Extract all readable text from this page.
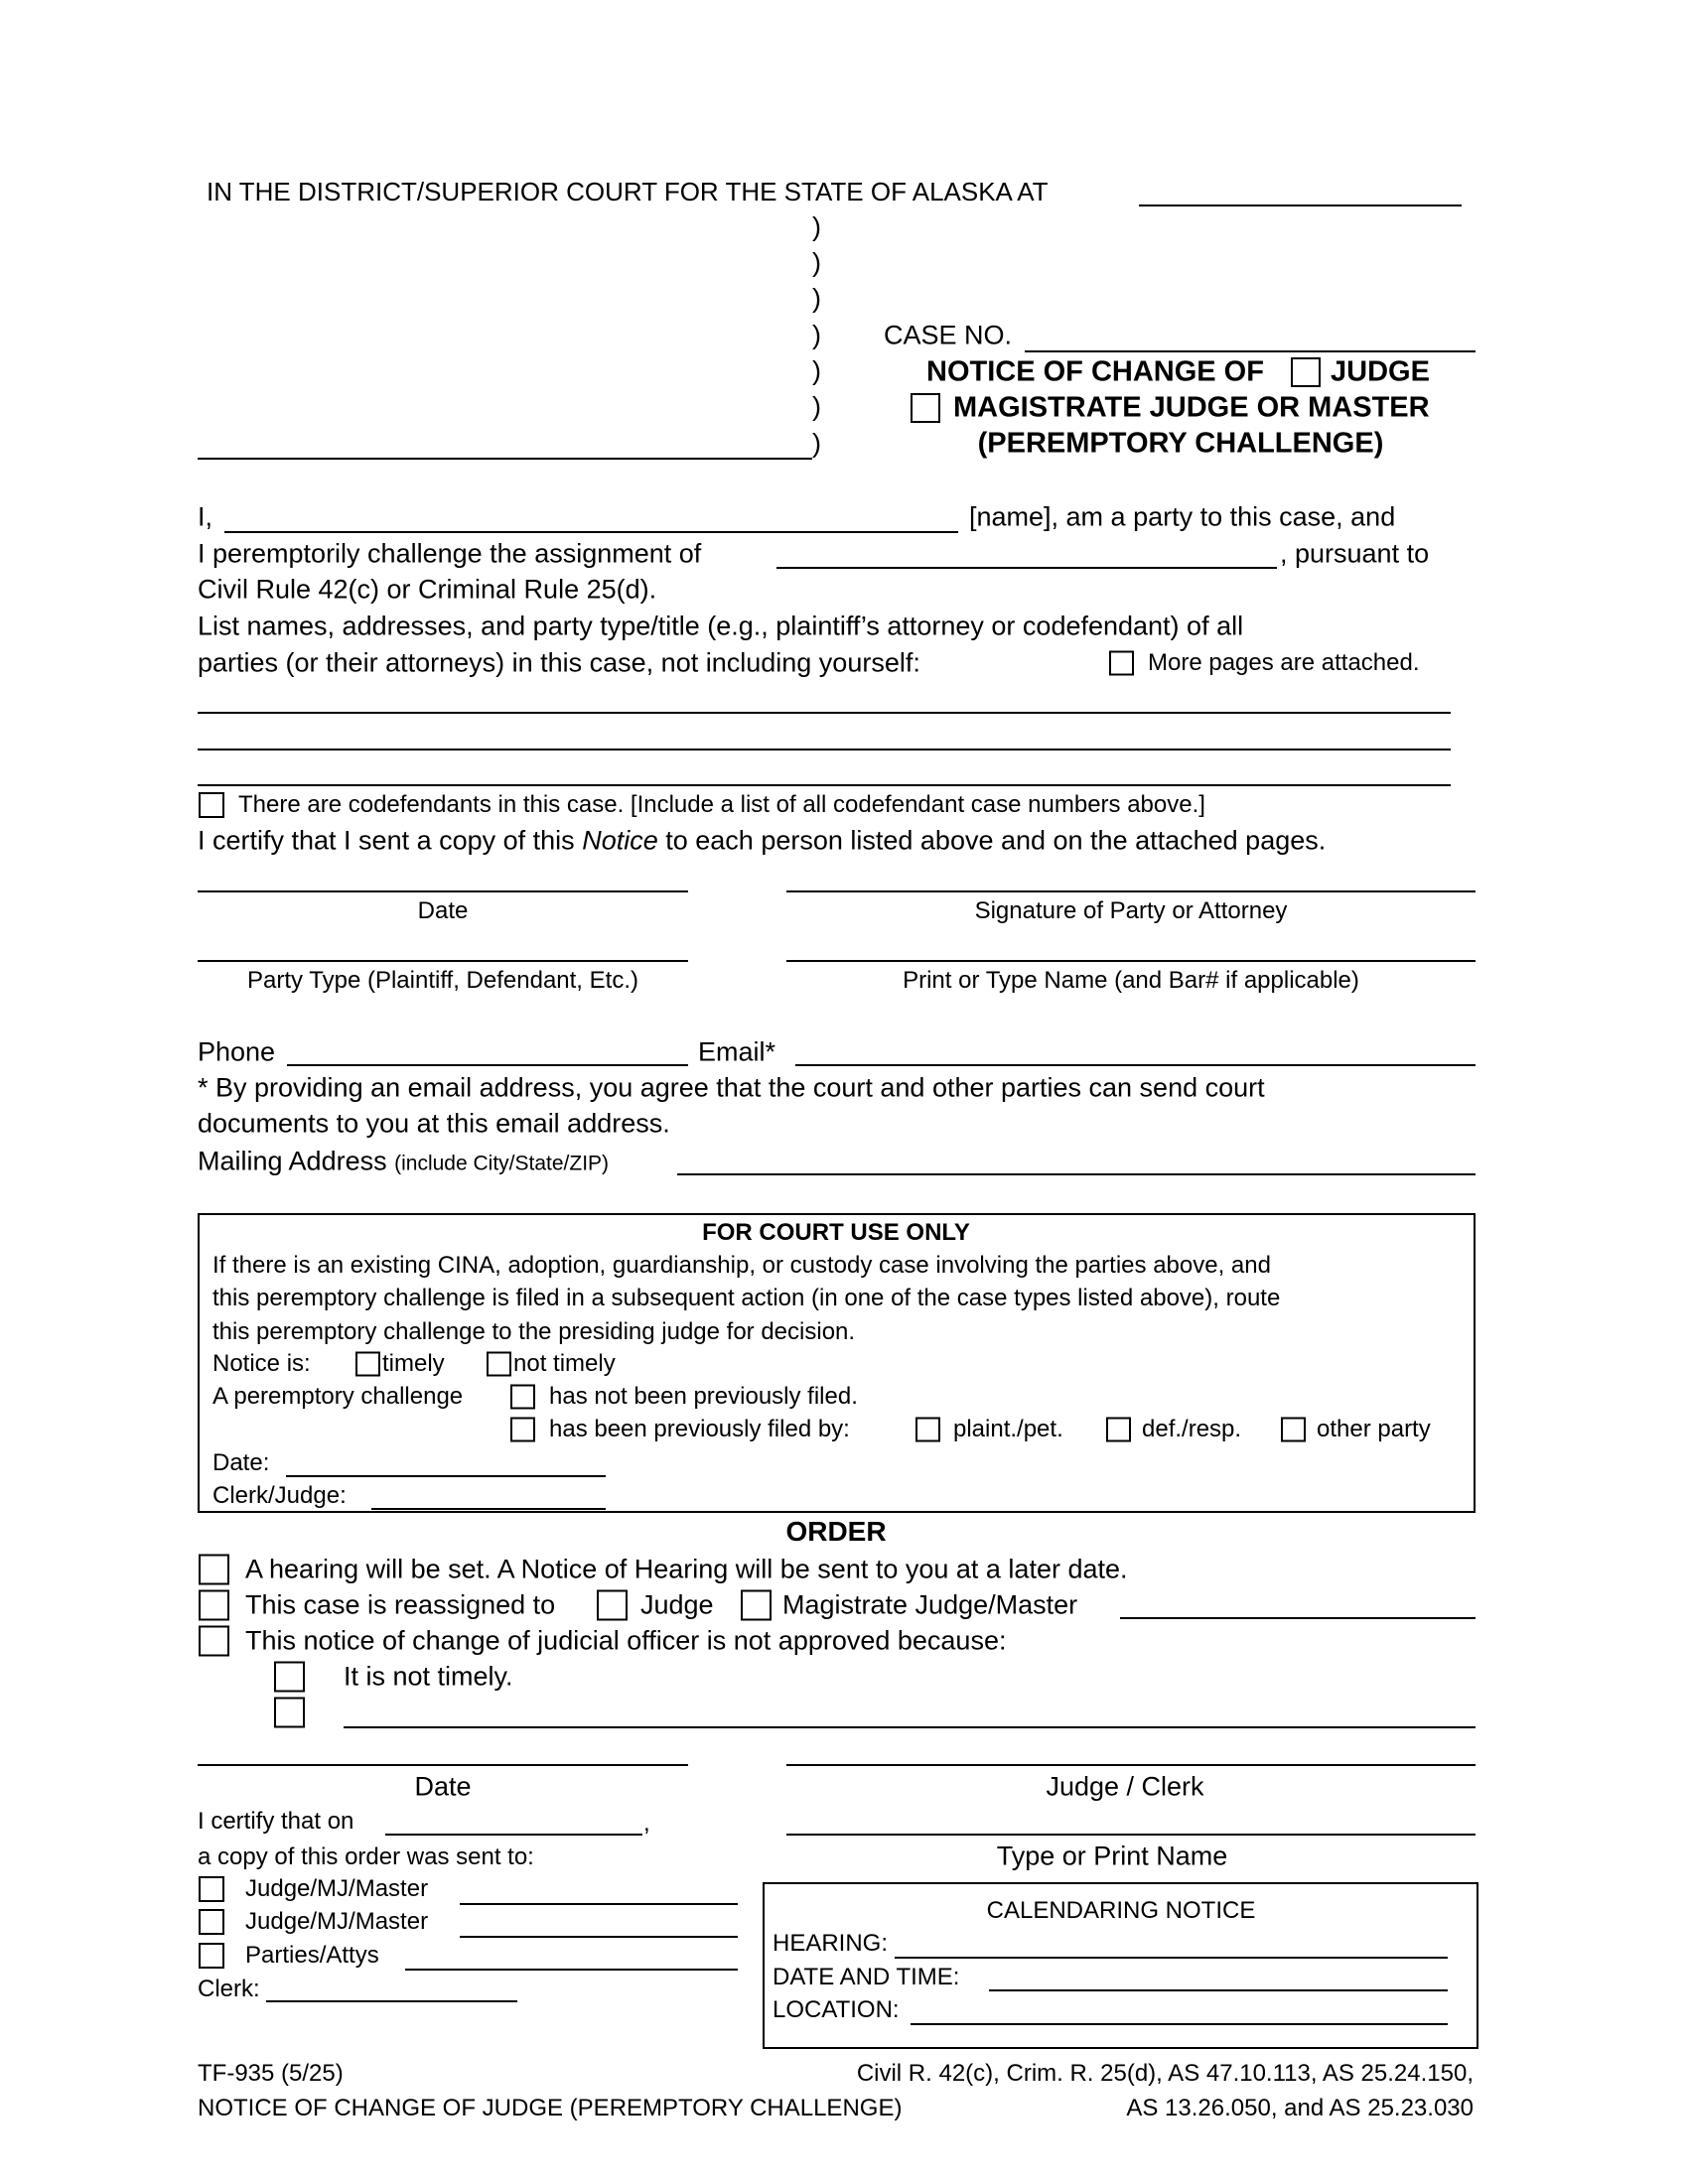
IN THE DISTRICT/SUPERIOR COURT FOR THE STATE OF ALASKA AT
)
)
)
)
)
)
)
CASE NO.
NOTICE OF CHANGE OF JUDGE
MAGISTRATE JUDGE OR MASTER
(PEREMPTORY CHALLENGE)
I,	[name], am a party to this case, and
I peremptorily challenge the assignment of	, pursuant to
Civil Rule 42(c) or Criminal Rule 25(d).
List names, addresses, and party type/title (e.g., plaintiff’s attorney or codefendant) of all
parties (or their attorneys) in this case, not including yourself:	More pages are attached.
There are codefendants in this case. [Include a list of all codefendant case numbers above.]
I certify that I sent a copy of this Notice to each person listed above and on the attached pages.
Date	Signature of Party or Attorney
Party Type (Plaintiff, Defendant, Etc.)	Print or Type Name (and Bar# if applicable)
Phone	Email*
* By providing an email address, you agree that the court and other parties can send court
documents to you at this email address.
Mailing Address (include City/State/ZIP)
FOR COURT USE ONLY
If there is an existing CINA, adoption, guardianship, or custody case involving the parties above, and
this peremptory challenge is filed in a subsequent action (in one of the case types listed above), route
this peremptory challenge to the presiding judge for decision.
Notice is:	timely	not timely
A peremptory challenge	has not been previously filed.
has been previously filed by:	plaint./pet.	def./resp.	other party
Date:
Clerk/Judge:
ORDER
A hearing will be set. A Notice of Hearing will be sent to you at a later date.
This case is reassigned to	Judge	Magistrate Judge/Master
This notice of change of judicial officer is not approved because:
It is not timely.
Date	Judge / Clerk
I certify that on	,
Type or Print Name
a copy of this order was sent to:
Judge/MJ/Master
Judge/MJ/Master
Parties/Attys
Clerk:
CALENDARING NOTICE
HEARING:
DATE AND TIME:
LOCATION:
TF-935 (5/25)
NOTICE OF CHANGE OF JUDGE (PEREMPTORY CHALLENGE)
Civil R. 42(c), Crim. R. 25(d), AS 47.10.113, AS 25.24.150,
AS 13.26.050, and AS 25.23.030
